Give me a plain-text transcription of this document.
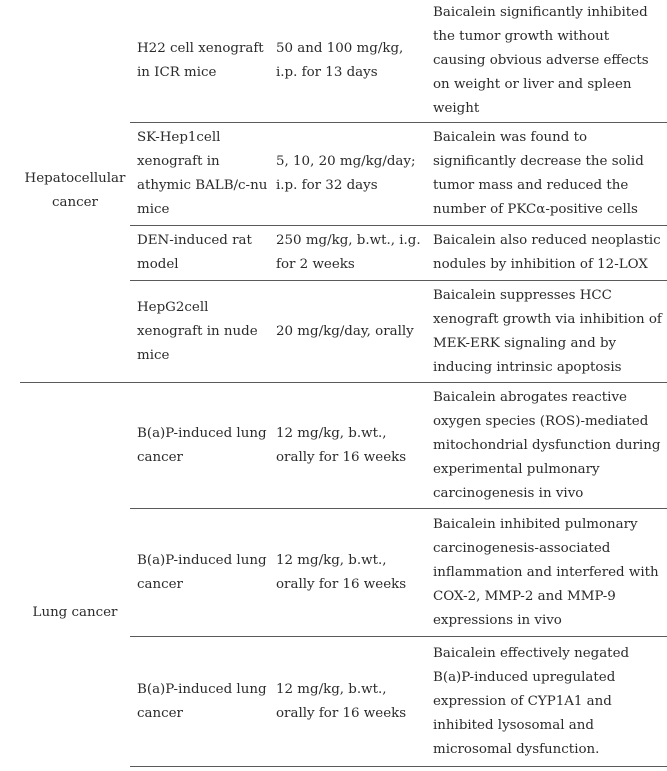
Hepatocellular cancer
H22 cell xenograft in ICR mice
50 and 100 mg/kg, i.p. for 13 days
Baicalein significantly inhibited the tumor growth without causing obvious adverse effects on weight or liver and spleen weight
SK-Hep1cell xenograft in athymic BALB/c-nu mice
5, 10, 20 mg/kg/day; i.p. for 32 days
Baicalein was found to significantly decrease the solid tumor mass and reduced the number of PKCα-positive cells
DEN-induced rat model
250 mg/kg, b.wt., i.g. for 2 weeks
Baicalein also reduced neoplastic nodules by inhibition of 12-LOX
HepG2cell xenograft in nude mice
20 mg/kg/day, orally
Baicalein suppresses HCC xenograft growth via inhibition of MEK-ERK signaling and by inducing intrinsic apoptosis
Lung cancer
B(a)P-induced lung cancer
12 mg/kg, b.wt., orally for 16 weeks
Baicalein abrogates reactive oxygen species (ROS)-mediated mitochondrial dysfunction during experimental pulmonary carcinogenesis in vivo
B(a)P-induced lung cancer
12 mg/kg, b.wt., orally for 16 weeks
Baicalein inhibited pulmonary carcinogenesis-associated inflammation and interfered with COX-2, MMP-2 and MMP-9 expressions in vivo
B(a)P-induced lung cancer
12 mg/kg, b.wt., orally for 16 weeks
Baicalein effectively negated B(a)P-induced upregulated expression of CYP1A1 and inhibited lysosomal and microsomal dysfunction.
